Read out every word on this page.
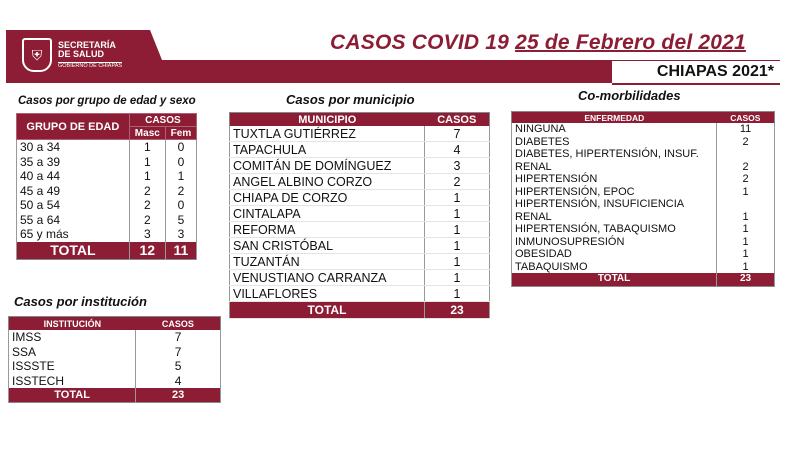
⛨
SECRETARÍA
DE SALUD
GOBIERNO DE CHIAPAS
CASOS COVID 19 25 de Febrero del 2021
CHIAPAS 2021*
Casos por grupo de edad y sexo
GRUPO DE EDAD	CASOS	
	Masc	Fem
30 a 34	1	0
35 a 39	1	0
40 a 44	1	1
45 a 49	2	2
50 a 54	2	0
55 a 64	2	5
65 y más	3	3
TOTAL	12	11
Casos por institución
INSTITUCIÓN	CASOS
IMSS	7
SSA	7
ISSSTE	5
ISSTECH	4
TOTAL	23
Casos por municipio
MUNICIPIO	CASOS
TUXTLA GUTIÉRREZ	7
TAPACHULA	4
COMITÁN DE DOMÍNGUEZ	3
ANGEL ALBINO CORZO	2
CHIAPA DE CORZO	1
CINTALAPA	1
REFORMA	1
SAN CRISTÓBAL	1
TUZANTÁN	1
VENUSTIANO CARRANZA	1
VILLAFLORES	1
TOTAL	23
Co-morbilidades
ENFERMEDAD	CASOS
NINGUNA	11
DIABETES	2

DIABETES, HIPERTENSIÓN, INSUF.
RENAL	2
HIPERTENSIÓN	2
HIPERTENSIÓN, EPOC	1

HIPERTENSIÓN, INSUFICIENCIA
RENAL	1
HIPERTENSIÓN, TABAQUISMO	1
INMUNOSUPRESIÓN	1
OBESIDAD	1
TABAQUISMO	1
TOTAL	23
